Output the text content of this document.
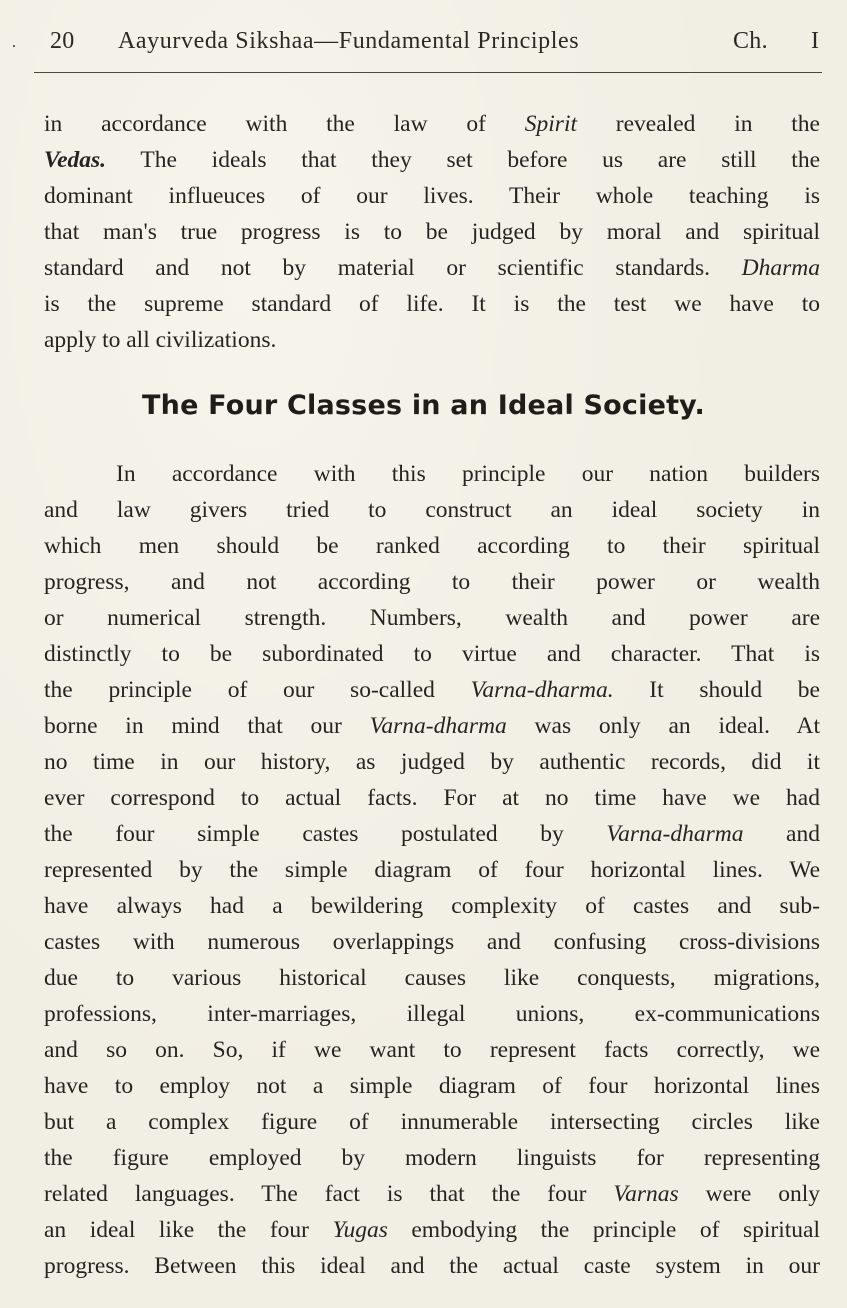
. 20 Aayurveda Sikshaa—Fundamental Principles	Ch. I
in accordance with the law of Spirit revealed in the
Vedas. The ideals that they set before us are still the
dominant influeuces of our lives. Their whole teaching is
that man's true progress is to be judged by moral and spiritual
standard and not by material or scientific standards. Dharma
is the supreme standard of life. It is the test we have to
apply to all civilizations.
The Four Classes in an Ideal Society.
In accordance with this principle our nation builders
and law givers tried to construct an ideal society in
which men should be ranked according to their spiritual
progress, and not according to their power or wealth
or numerical strength. Numbers, wealth and power are
distinctly to be subordinated to virtue and character. That is
the principle of our so-called Varna-dharma. It should be
borne in mind that our Varna-dharma was only an ideal. At
no time in our history, as judged by authentic records, did it
ever correspond to actual facts. For at no time have we had
the four simple castes postulated by Varna-dharma and
represented by the simple diagram of four horizontal lines. We
have always had a bewildering complexity of castes and sub-
castes with numerous overlappings and confusing cross-divisions
due to various historical causes like conquests, migrations,
professions, inter-marriages, illegal unions, ex-communications
and so on. So, if we want to represent facts correctly, we
have to employ not a simple diagram of four horizontal lines
but a complex figure of innumerable intersecting circles like
the figure employed by modern linguists for representing
related languages. The fact is that the four Varnas were only
an ideal like the four Yugas embodying the principle of spiritual
progress. Between this ideal and the actual caste system in our
